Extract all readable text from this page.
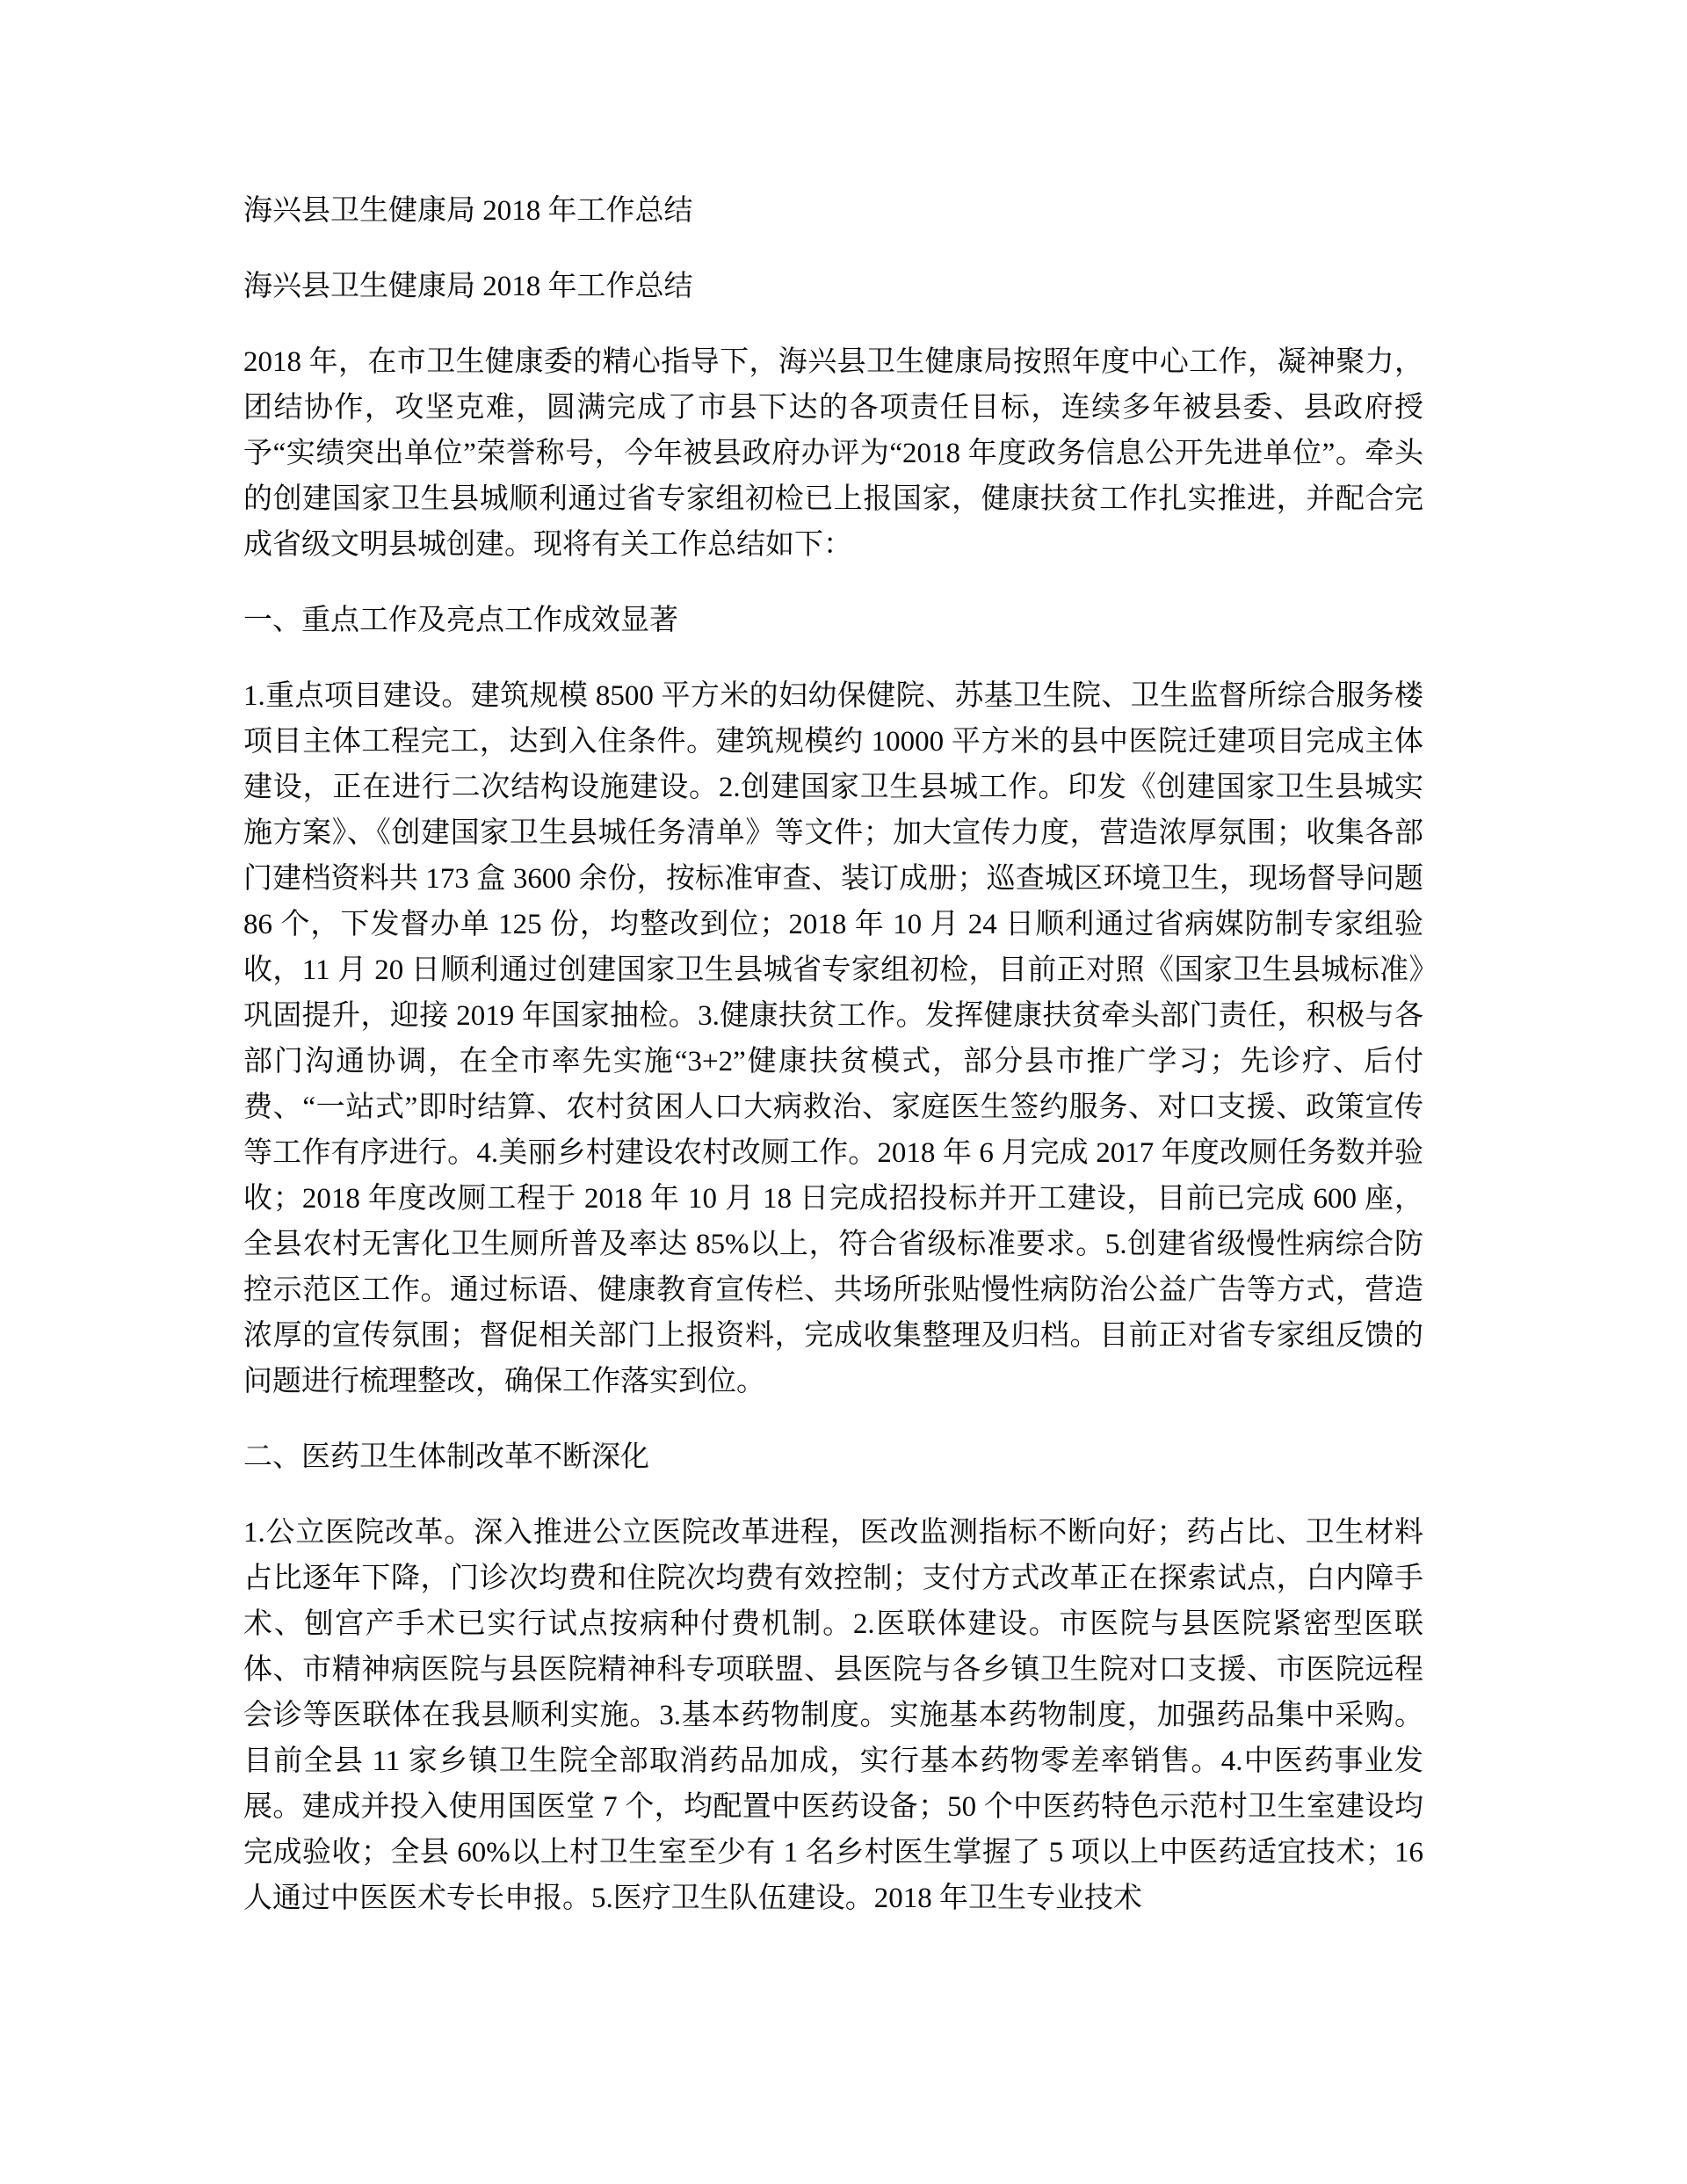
海兴县卫生健康局 2018 年工作总结

海兴县卫生健康局 2018 年工作总结

2018 年，在市卫生健康委的精心指导下，海兴县卫生健康局按照年度中心工作，凝神聚力，团结协作，攻坚克难，圆满完成了市县下达的各项责任目标，连续多年被县委、县政府授予“实绩突出单位”荣誉称号，今年被县政府办评为“2018 年度政务信息公开先进单位”。牵头的创建国家卫生县城顺利通过省专家组初检已上报国家，健康扶贫工作扎实推进，并配合完成省级文明县城创建。现将有关工作总结如下：

一、重点工作及亮点工作成效显著

1.重点项目建设。建筑规模 8500 平方米的妇幼保健院、苏基卫生院、卫生监督所综合服务楼项目主体工程完工，达到入住条件。建筑规模约 10000 平方米的县中医院迁建项目完成主体建设，正在进行二次结构设施建设。2.创建国家卫生县城工作。印发《创建国家卫生县城实施方案》、《创建国家卫生县城任务清单》等文件；加大宣传力度，营造浓厚氛围；收集各部门建档资料共 173 盒 3600 余份，按标准审查、装订成册；巡查城区环境卫生，现场督导问题 86 个，下发督办单 125 份，均整改到位；2018 年 10 月 24 日顺利通过省病媒防制专家组验收，11 月 20 日顺利通过创建国家卫生县城省专家组初检，目前正对照《国家卫生县城标准》巩固提升，迎接 2019 年国家抽检。3.健康扶贫工作。发挥健康扶贫牵头部门责任，积极与各部门沟通协调，在全市率先实施“3+2”健康扶贫模式，部分县市推广学习；先诊疗、后付费、“一站式”即时结算、农村贫困人口大病救治、家庭医生签约服务、对口支援、政策宣传等工作有序进行。4.美丽乡村建设农村改厕工作。2018 年 6 月完成 2017 年度改厕任务数并验收；2018 年度改厕工程于 2018 年 10 月 18 日完成招投标并开工建设，目前已完成 600 座，全县农村无害化卫生厕所普及率达 85%以上，符合省级标准要求。5.创建省级慢性病综合防控示范区工作。通过标语、健康教育宣传栏、共场所张贴慢性病防治公益广告等方式，营造浓厚的宣传氛围；督促相关部门上报资料，完成收集整理及归档。目前正对省专家组反馈的问题进行梳理整改，确保工作落实到位。

二、医药卫生体制改革不断深化

1.公立医院改革。深入推进公立医院改革进程，医改监测指标不断向好；药占比、卫生材料占比逐年下降，门诊次均费和住院次均费有效控制；支付方式改革正在探索试点，白内障手术、刨宫产手术已实行试点按病种付费机制。2.医联体建设。市医院与县医院紧密型医联体、市精神病医院与县医院精神科专项联盟、县医院与各乡镇卫生院对口支援、市医院远程会诊等医联体在我县顺利实施。3.基本药物制度。实施基本药物制度，加强药品集中采购。目前全县 11 家乡镇卫生院全部取消药品加成，实行基本药物零差率销售。4.中医药事业发展。建成并投入使用国医堂 7 个，均配置中医药设备；50 个中医药特色示范村卫生室建设均完成验收；全县 60%以上村卫生室至少有 1 名乡村医生掌握了 5 项以上中医药适宜技术；16 人通过中医医术专长申报。5.医疗卫生队伍建设。2018 年卫生专业技术
